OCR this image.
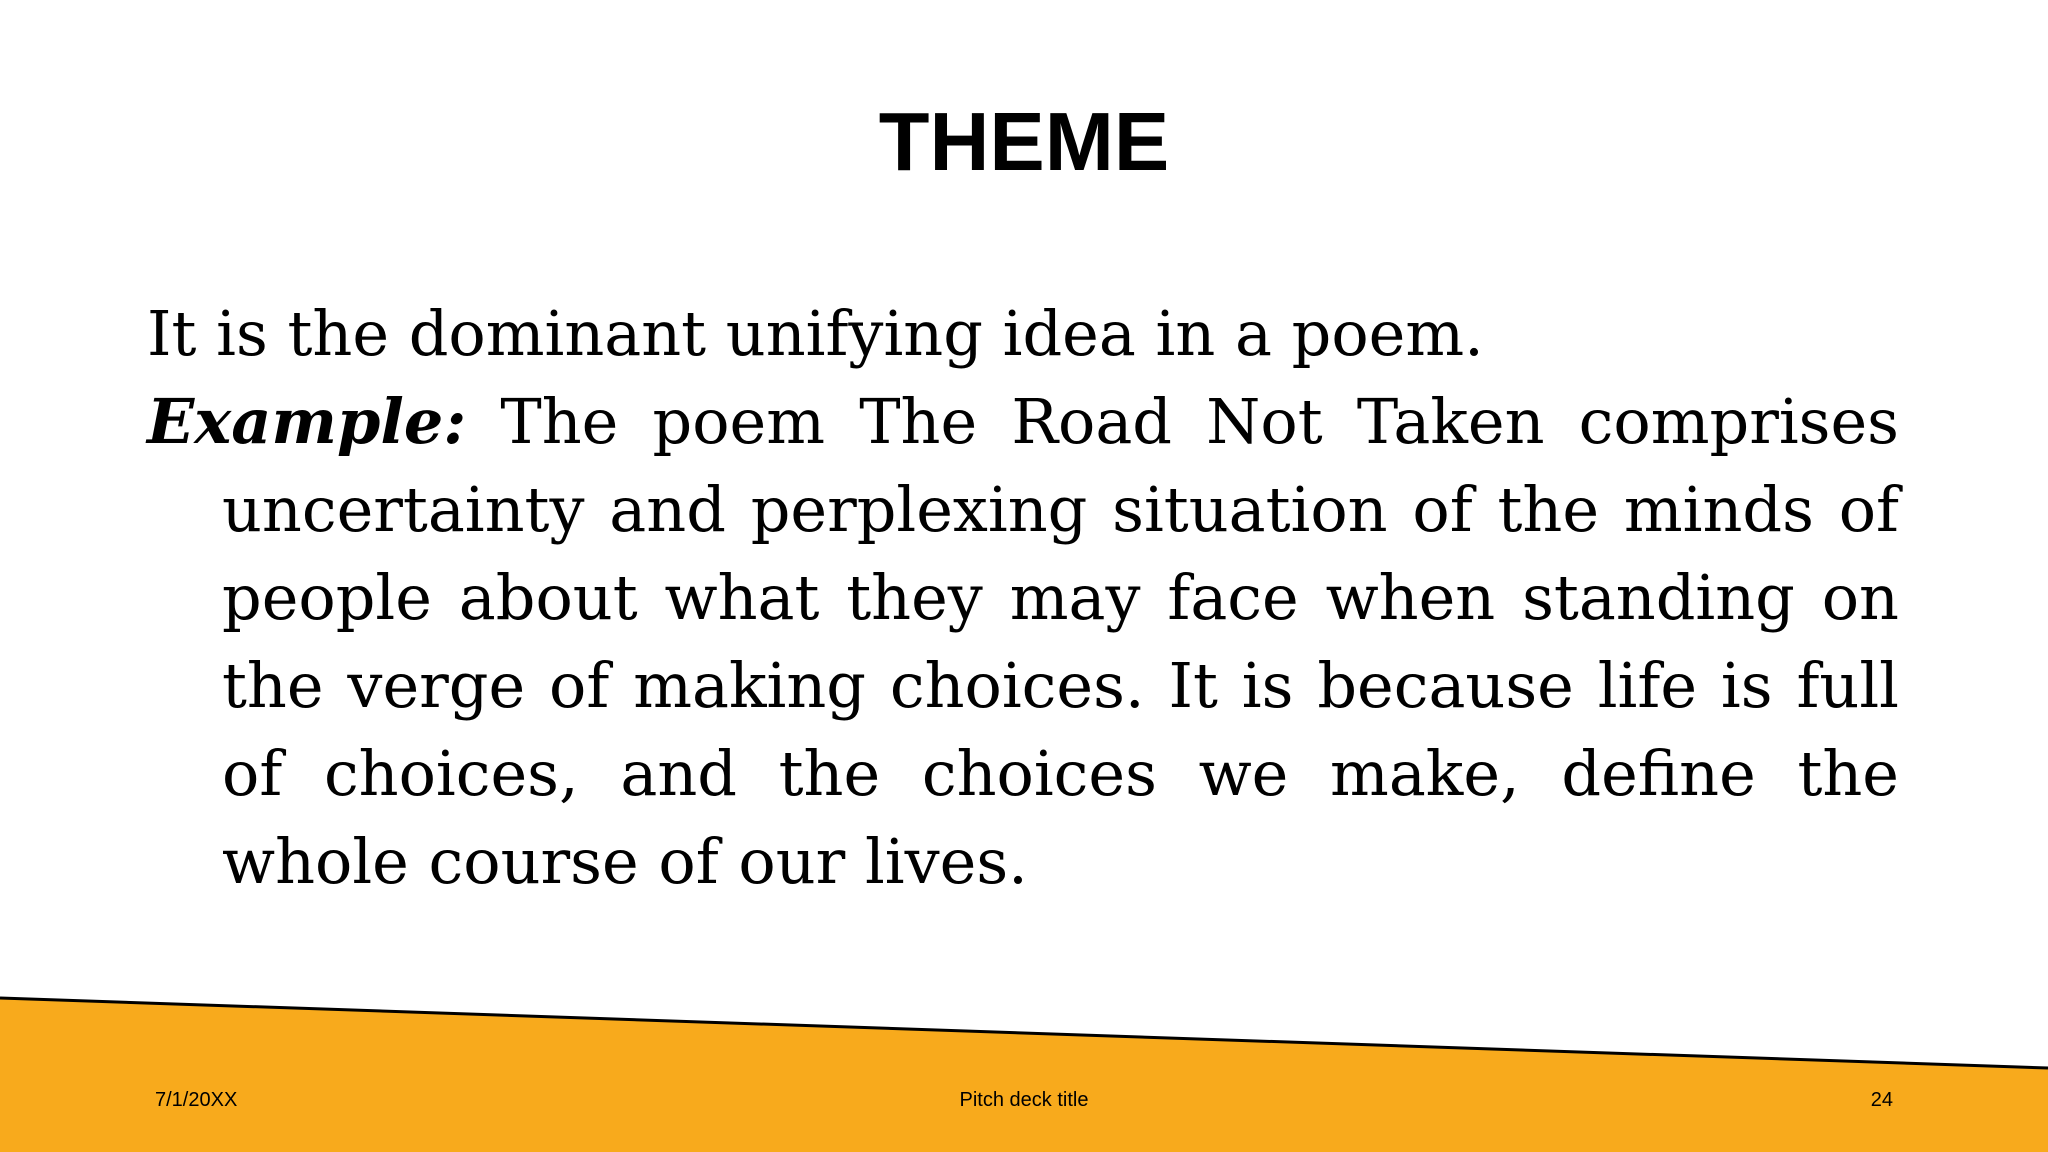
THEME

It is the dominant unifying idea in a poem.

Example: The poem The Road Not Taken comprises uncertainty and perplexing situation of the minds of people about what they may face when standing on the verge of making choices. It is because life is full of choices, and the choices we make, define the whole course of our lives.

7/1/20XX	Pitch deck title	24
